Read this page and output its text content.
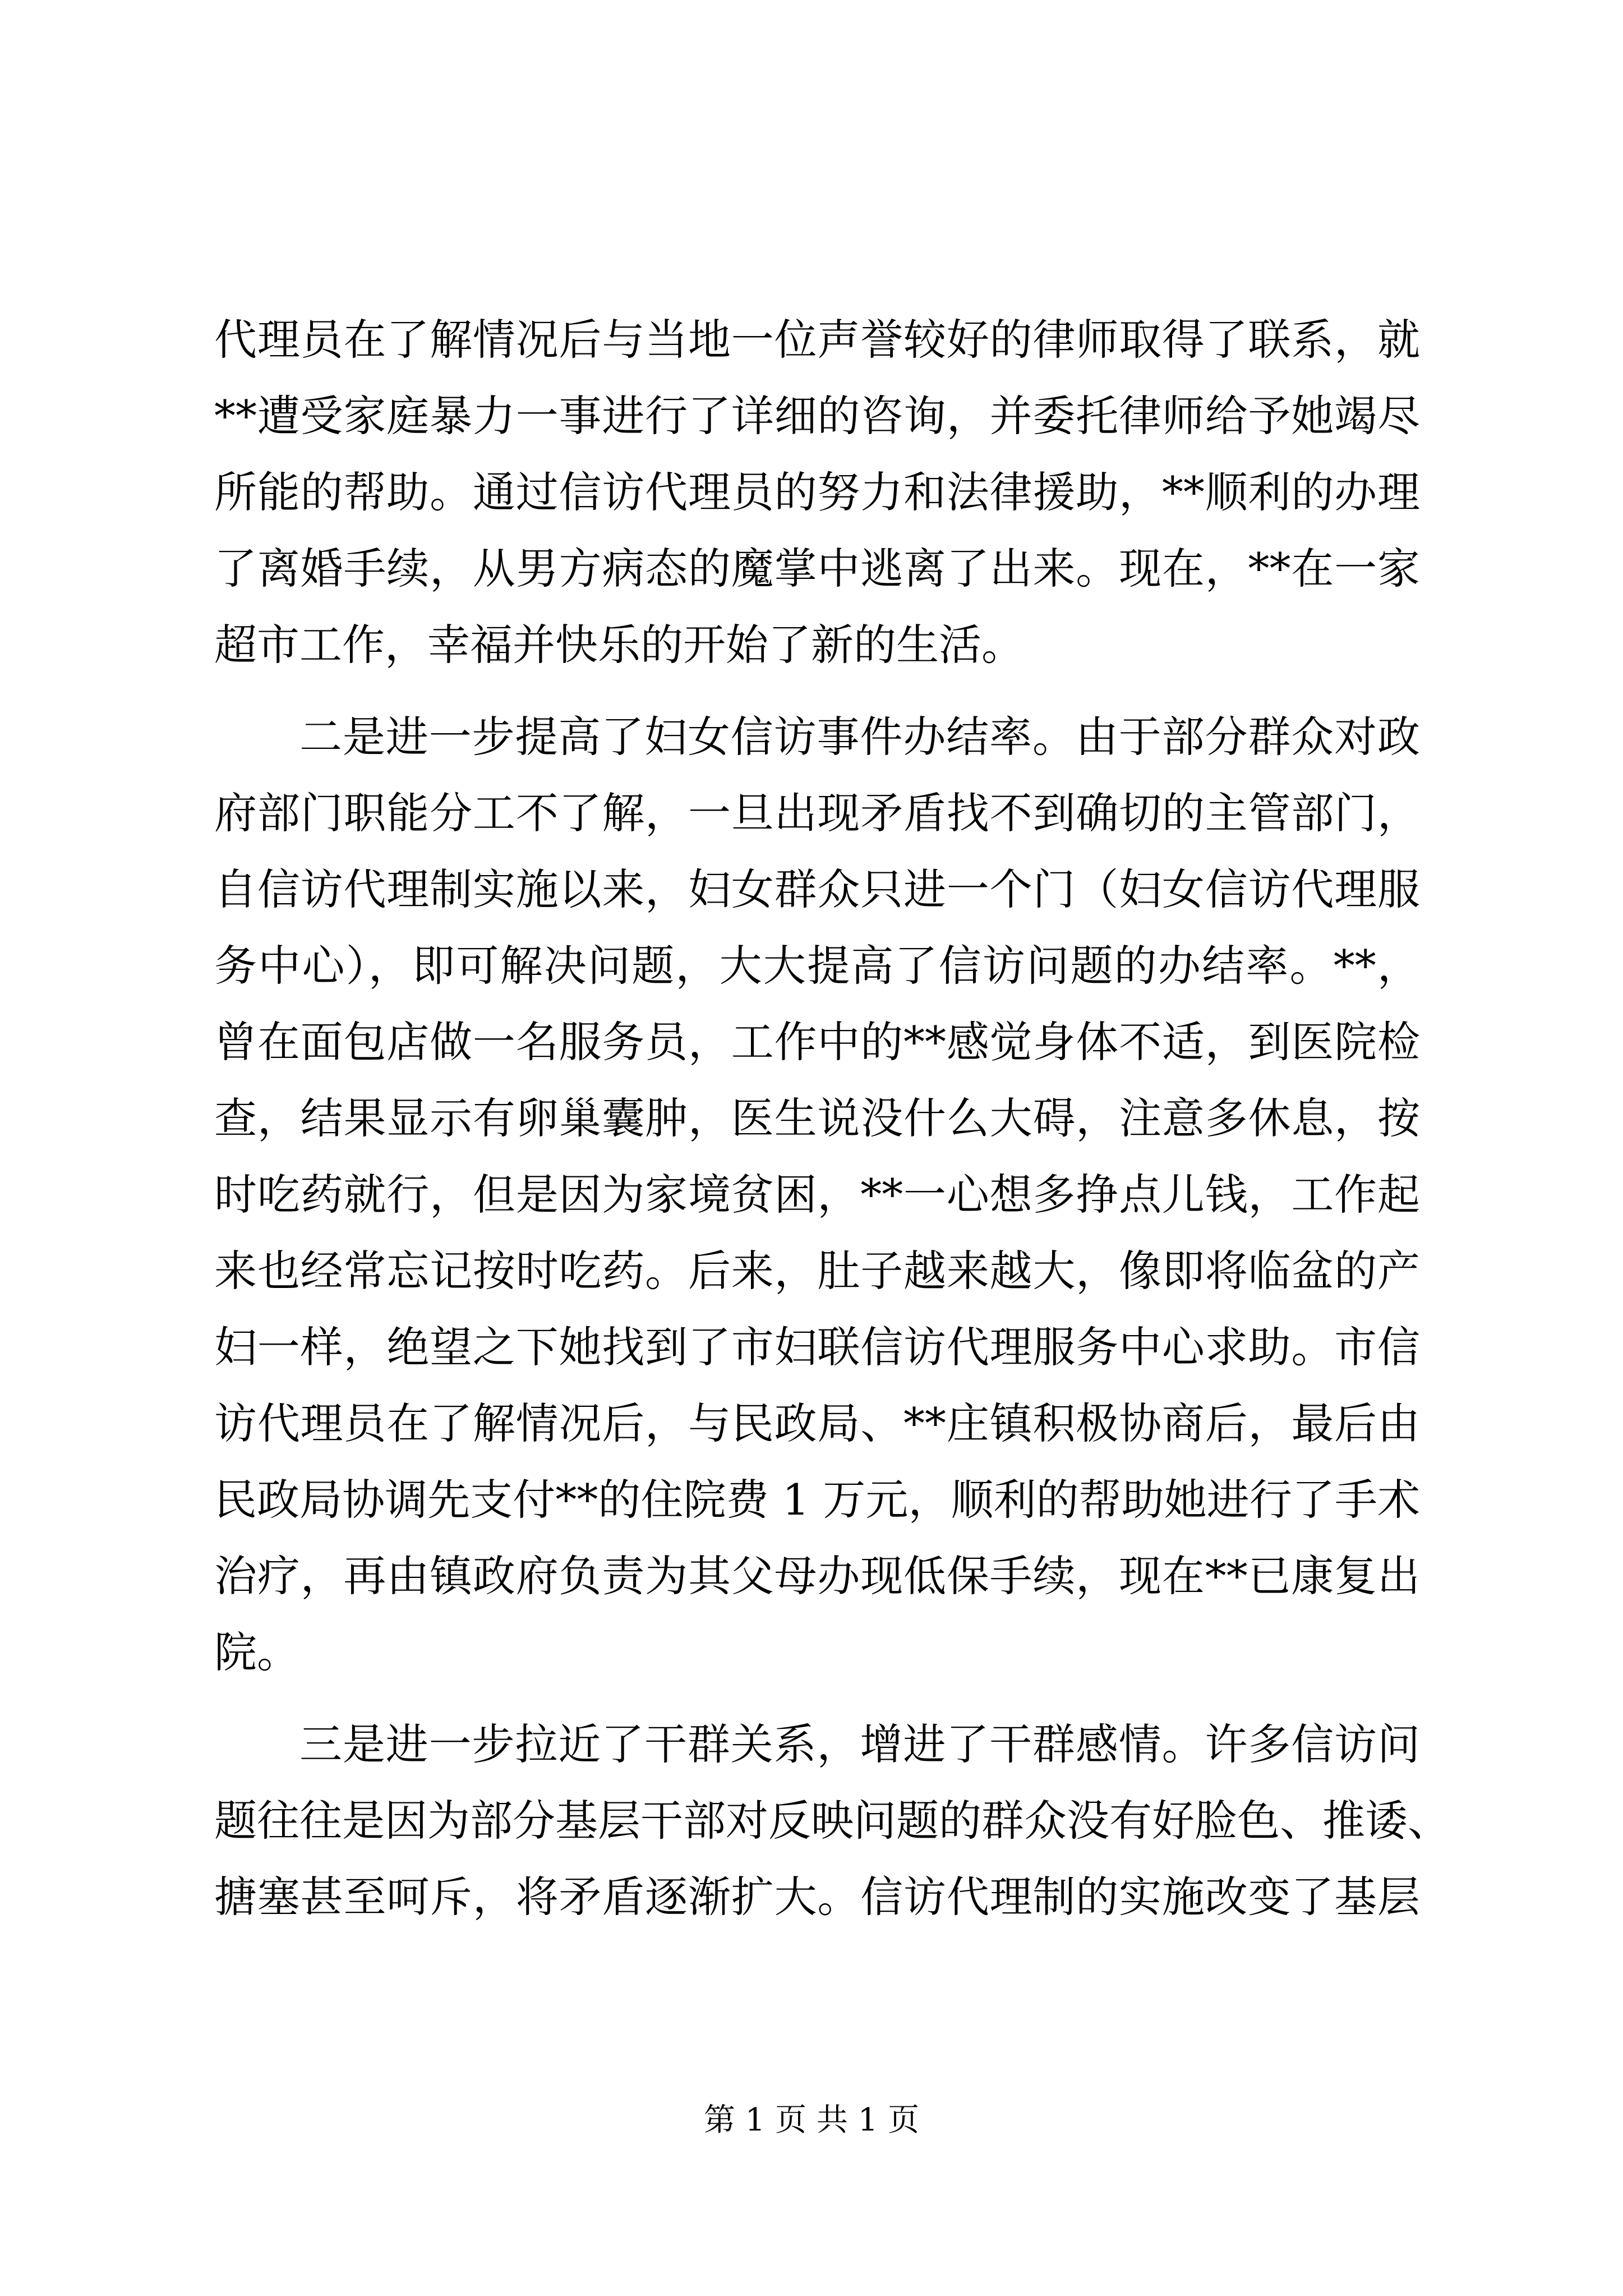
代理员在了解情况后与当地一位声誉较好的律师取得了联系，就
**遭受家庭暴力一事进行了详细的咨询，并委托律师给予她竭尽
所能的帮助。通过信访代理员的努力和法律援助，**顺利的办理
了离婚手续，从男方病态的魔掌中逃离了出来。现在，**在一家
超市工作，幸福并快乐的开始了新的生活。
二是进一步提高了妇女信访事件办结率。由于部分群众对政
府部门职能分工不了解，一旦出现矛盾找不到确切的主管部门，
自信访代理制实施以来，妇女群众只进一个门（妇女信访代理服
务中心），即可解决问题，大大提高了信访问题的办结率。**，
曾在面包店做一名服务员，工作中的**感觉身体不适，到医院检
查，结果显示有卵巢囊肿，医生说没什么大碍，注意多休息，按
时吃药就行，但是因为家境贫困，**一心想多挣点儿钱，工作起
来也经常忘记按时吃药。后来，肚子越来越大，像即将临盆的产
妇一样，绝望之下她找到了市妇联信访代理服务中心求助。市信
访代理员在了解情况后，与民政局、**庄镇积极协商后，最后由
民政局协调先支付**的住院费 1 万元，顺利的帮助她进行了手术
治疗，再由镇政府负责为其父母办现低保手续，现在**已康复出
院。
三是进一步拉近了干群关系，增进了干群感情。许多信访问
题往往是因为部分基层干部对反映问题的群众没有好脸色、推诿、
搪塞甚至呵斥，将矛盾逐渐扩大。信访代理制的实施改变了基层
第 1 页 共 1 页
